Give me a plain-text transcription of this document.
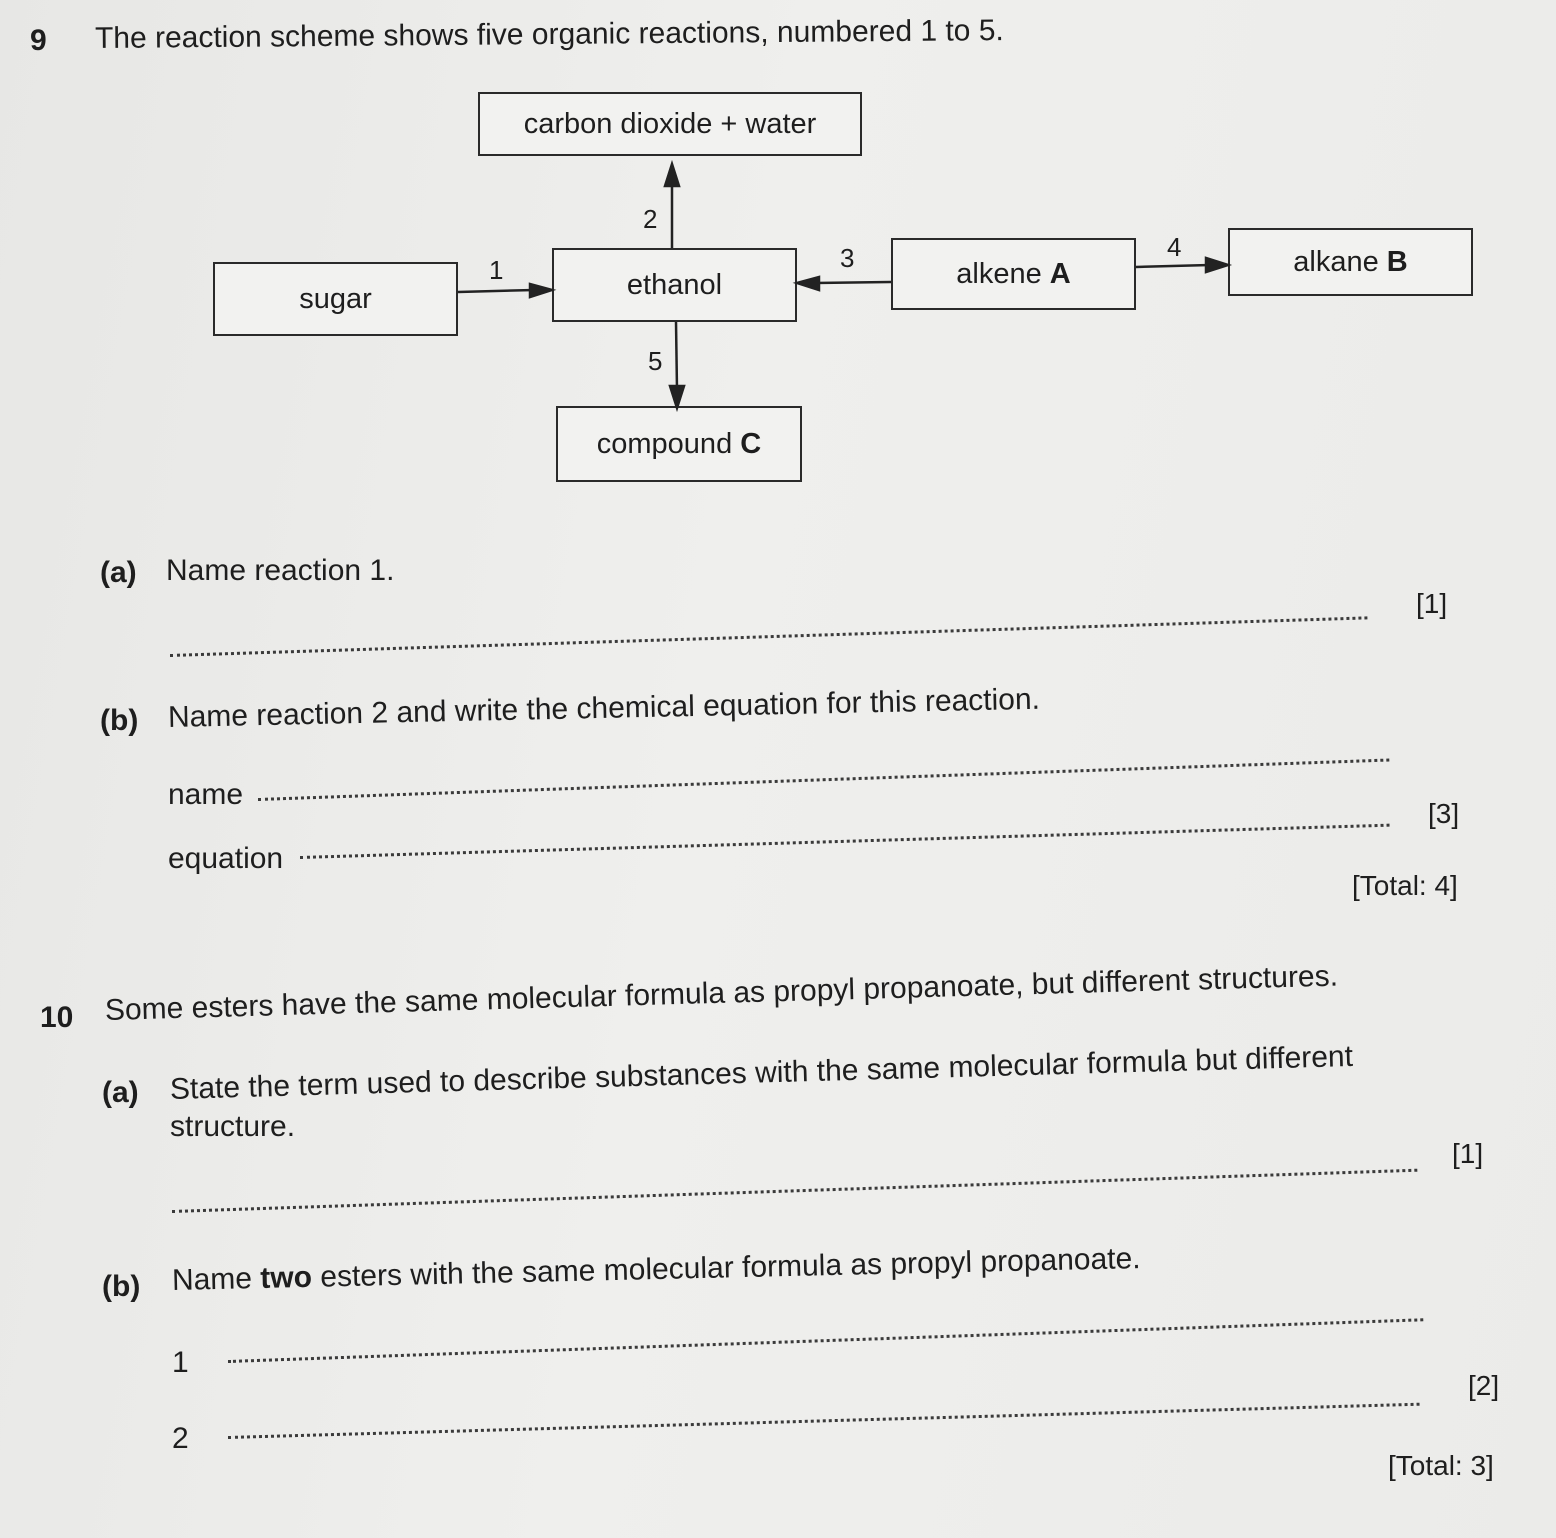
9 The reaction scheme shows five organic reactions, numbered 1 to 5.
carbon dioxide + water
sugar	ethanol	alkene
A	alkane
B
compound
C
1
2
3	4
5
(a) Name reaction 1.
[1]
(b) Name reaction 2 and write the chemical equation for this reaction.
name
equation
[3]
[Total: 4]
10 Some esters have the same molecular formula as propyl propanoate, but different structures.
(a) State the term used to describe substances with the same molecular formula but different
structure.
[1]
(b) Name two esters with the same molecular formula as propyl propanoate.
1
2
[2]
[Total: 3]
